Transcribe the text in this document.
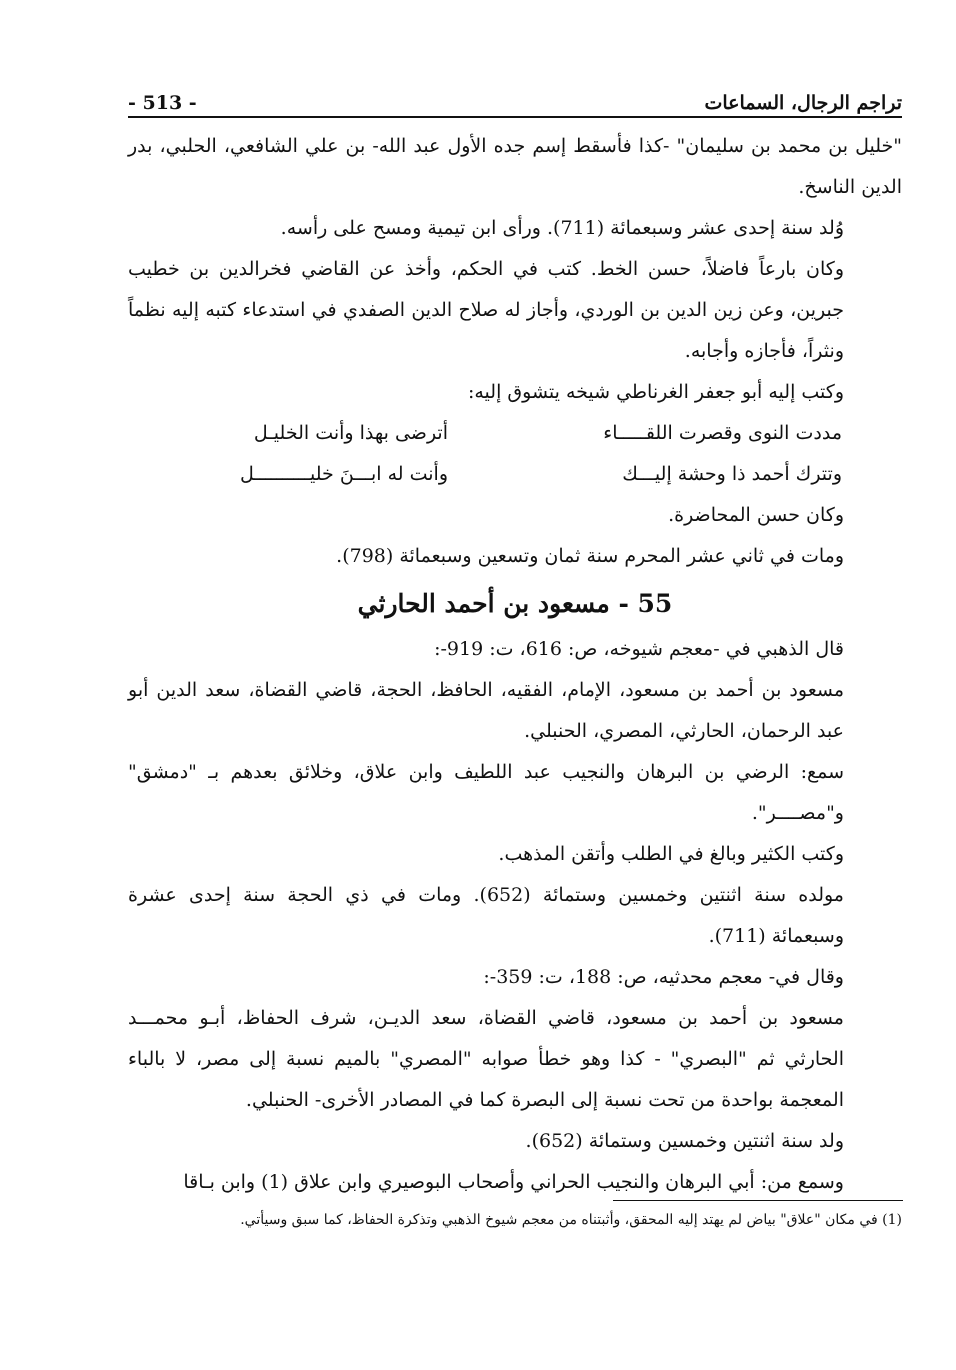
تراجم الرجال، السماعات
- 513 -

"خليل بن محمد بن سليمان" -كذا فأسقط إسم جده الأول عبد الله- بن علي الشافعي، الحلبي، بدر الدين الناسخ.

وُلد سنة إحدى عشر وسبعمائة (711). ورأى ابن تيمية ومسح على رأسه.

وكان بارعاً فاضلاً، حسن الخط. كتب في الحكم، وأخذ عن القاضي فخرالدين بن خطيب جبرين، وعن زين الدين بن الوردي، وأجاز له صلاح الدين الصفدي في استدعاء كتبه إليه نظماً ونثراً، فأجازه وأجابه.

وكتب إليه أبو جعفر الغرناطي شيخه يتشوق إليه:

مددت النوى وقصرت اللقـــــاء
أترضى بهذا وأنت الخليـل
وتترك أحمد ذا وحشة إليـــك
وأنت له ابـــنَ خليــــــــــل

وكان حسن المحاضرة.

ومات في ثاني عشر المحرم سنة ثمان وتسعين وسبعمائة (798).

55 - مسعود بن أحمد الحارثي

قال الذهبي في -معجم شيوخه، ص: 616، ت: 919-:

مسعود بن أحمد بن مسعود، الإمام، الفقيه، الحافظ، الحجة، قاضي القضاة، سعد الدين أبو عبد الرحمان، الحارثي، المصري، الحنبلي.

سمع: الرضي بن البرهان والنجيب عبد اللطيف وابن علاق، وخلائق بعدهم بـ "دمشق" و"مصــــر".

وكتب الكثير وبالغ في الطلب وأتقن المذهب.

مولده سنة اثنتين وخمسين وستمائة (652). ومات في ذي الحجة سنة إحدى عشرة وسبعمائة (711).

وقال في- معجم محدثيه، ص: 188، ت: 359-:

مسعود بن أحمد بن مسعود، قاضي القضاة، سعد الديـن، شرف الحفاظ، أبـو محمـــد الحارثي ثم "البصري" - كذا وهو خطأ صوابه "المصري" بالميم نسبة إلى مصر، لا بالباء المعجمة بواحدة من تحت نسبة إلى البصرة كما في المصادر الأخرى- الحنبلي.

ولد سنة اثنتين وخمسين وستمائة (652).

وسمع من: أبي البرهان والنجيب الحراني وأصحاب البوصيري وابن علاق (1) وابن بـاقا

(1) في مكان "علاق" بياض لم يهتد إليه المحقق، وأثبتناه من معجم شيوخ الذهبي وتذكرة الحفاظ، كما سبق وسيأتي.
